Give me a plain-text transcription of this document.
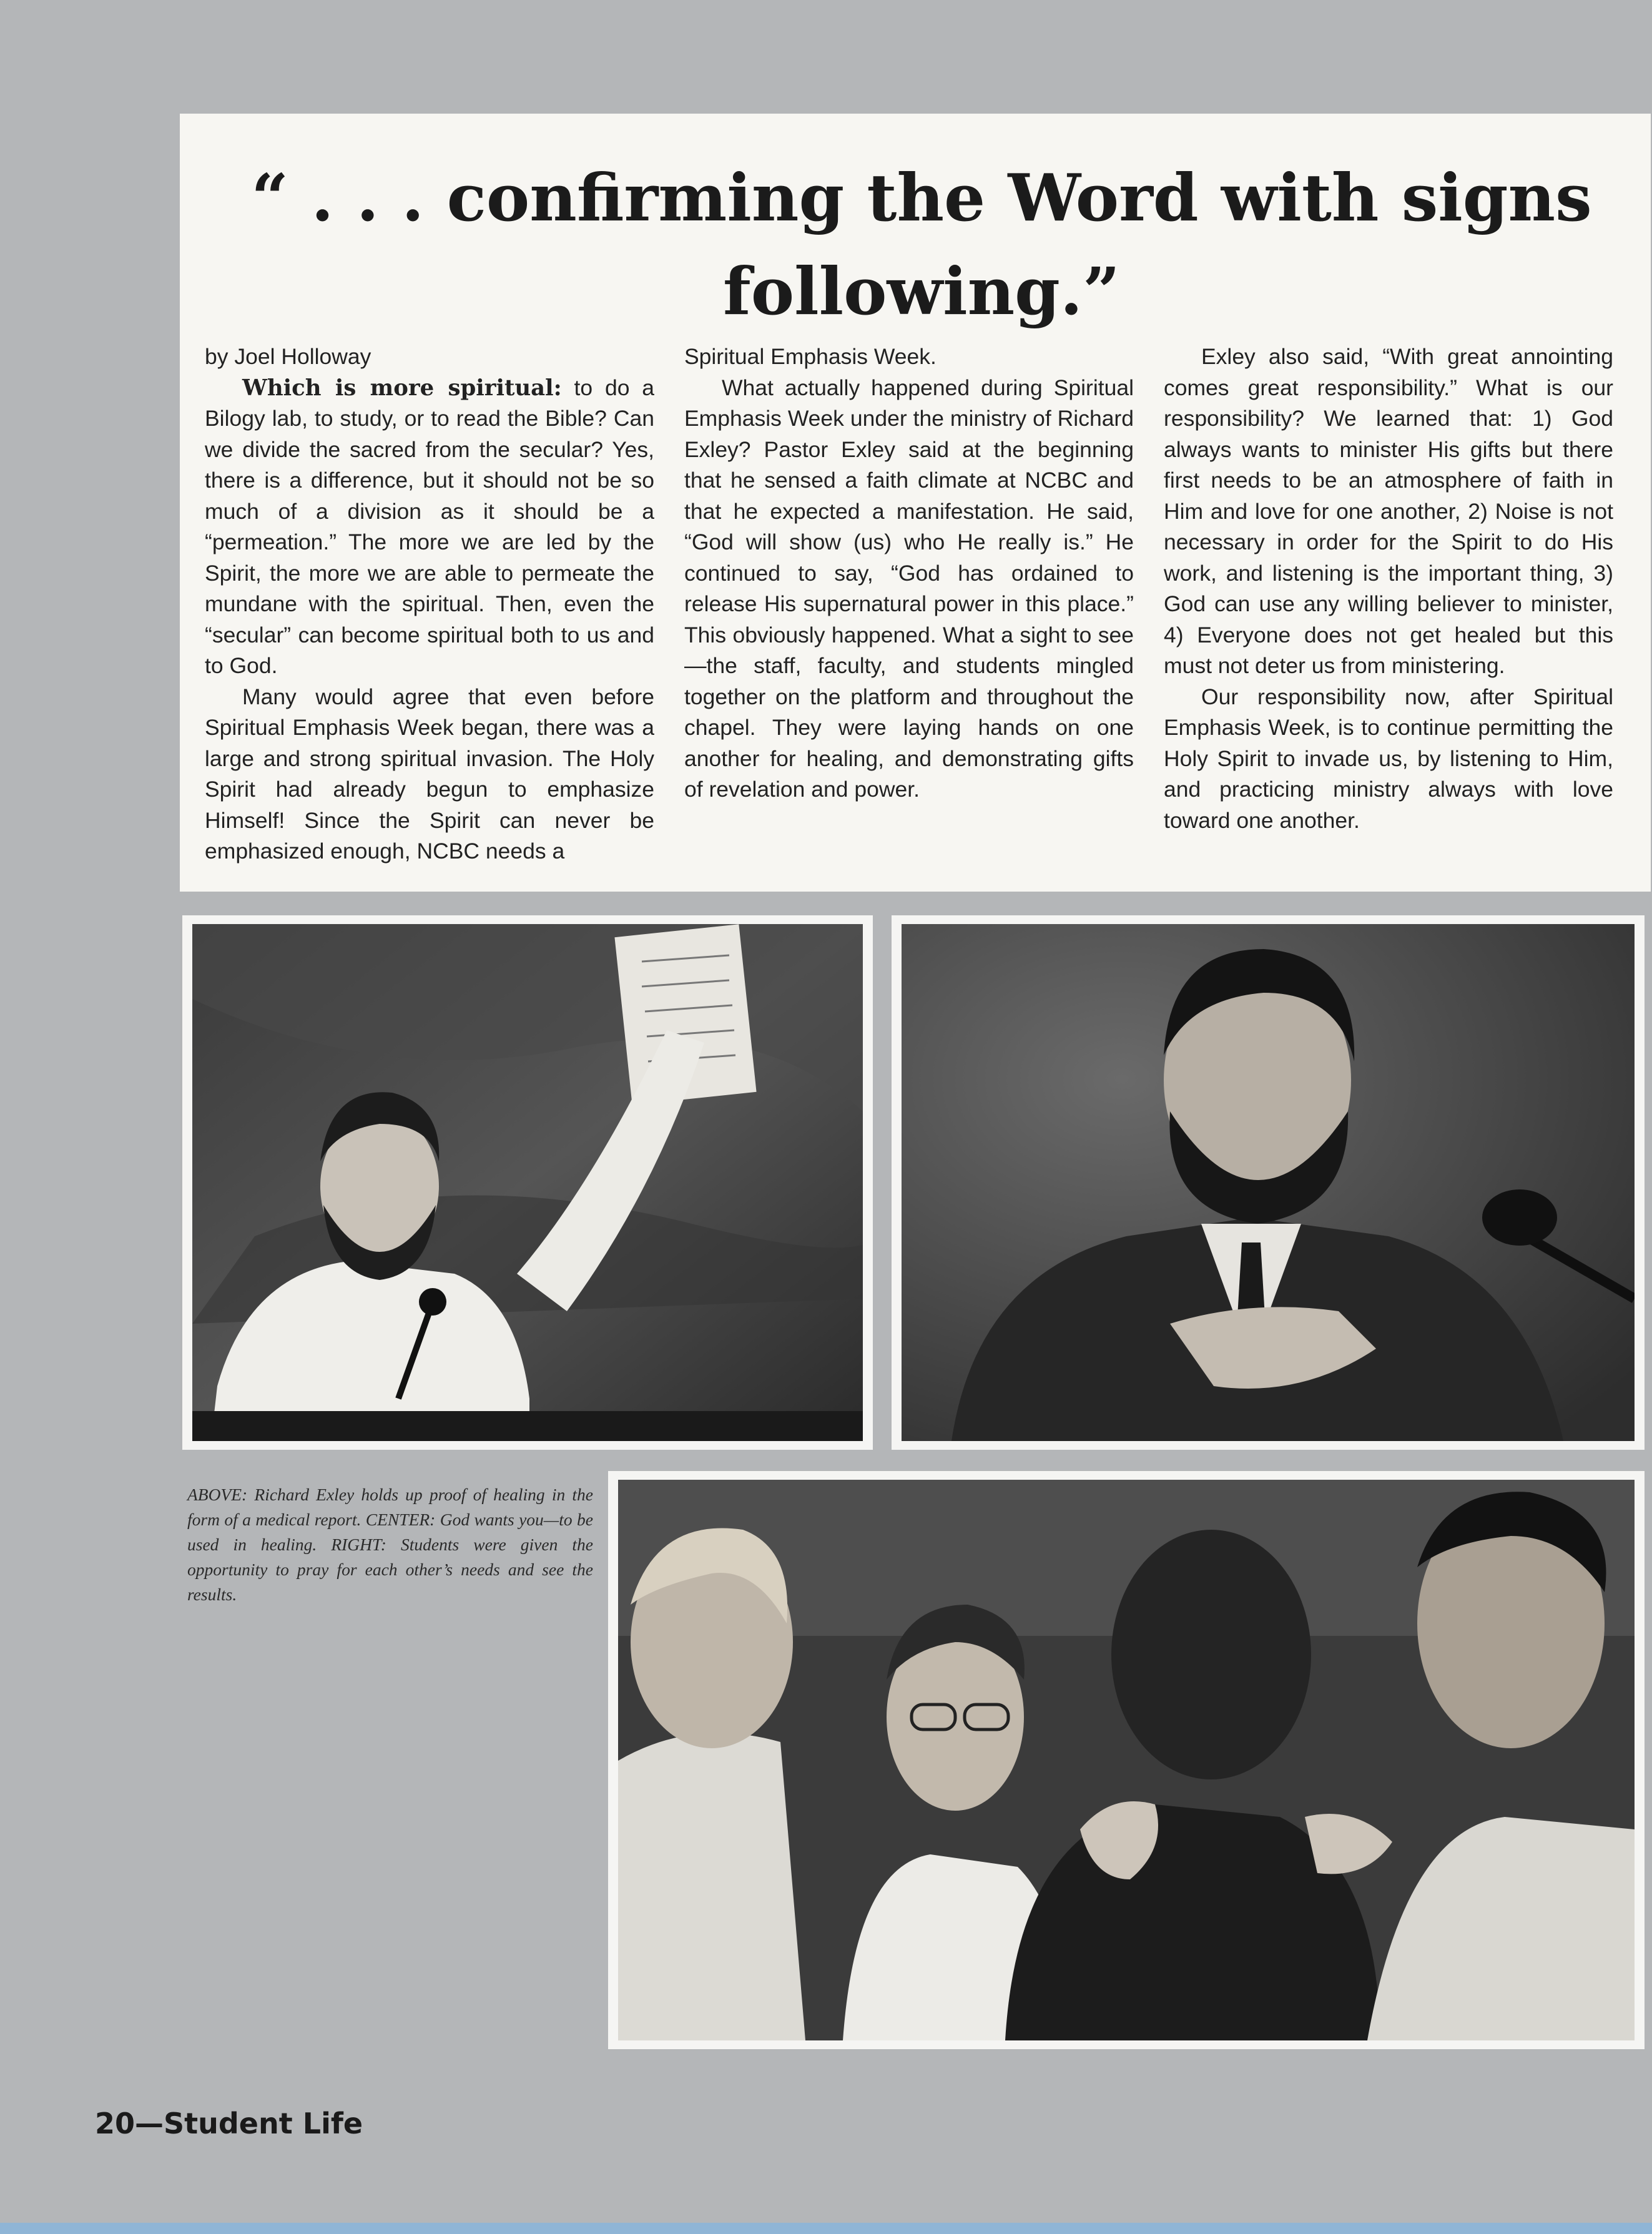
“ . . . confirming the Word with signs following.”

by Joel Holloway

Which is more spiritual: to do a Bilogy lab, to study, or to read the Bible? Can we divide the sacred from the secular? Yes, there is a difference, but it should not be so much of a division as it should be a “permeation.” The more we are led by the Spirit, the more we are able to permeate the mundane with the spiritual. Then, even the “secular” can become spiritual both to us and to God.

Many would agree that even before Spiritual Emphasis Week began, there was a large and strong spiritual invasion. The Holy Spirit had already begun to emphasize Himself! Since the Spirit can never be emphasized enough, NCBC needs a

Spiritual Emphasis Week.

What actually happened during Spiritual Emphasis Week under the ministry of Richard Exley? Pastor Exley said at the beginning that he sensed a faith climate at NCBC and that he expected a manifestation. He said, “God will show (us) who He really is.” He continued to say, “God has ordained to release His supernatural power in this place.” This obviously happened. What a sight to see—the staff, faculty, and students mingled together on the platform and throughout the chapel. They were laying hands on one another for healing, and demonstrating gifts of revelation and power.

Exley also said, “With great annointing comes great responsibility.” What is our responsibility? We learned that: 1) God always wants to minister His gifts but there first needs to be an atmosphere of faith in Him and love for one another, 2) Noise is not necessary in order for the Spirit to do His work, and listening is the important thing, 3) God can use any willing believer to minister, 4) Everyone does not get healed but this must not deter us from ministering.

Our responsibility now, after Spiritual Emphasis Week, is to continue permitting the Holy Spirit to invade us, by listening to Him, and practicing ministry always with love toward one another.

ABOVE: Richard Exley holds up proof of healing in the form of a medical report. CENTER: God wants you—to be used in healing. RIGHT: Students were given the opportunity to pray for each other’s needs and see the results.

20—Student Life
